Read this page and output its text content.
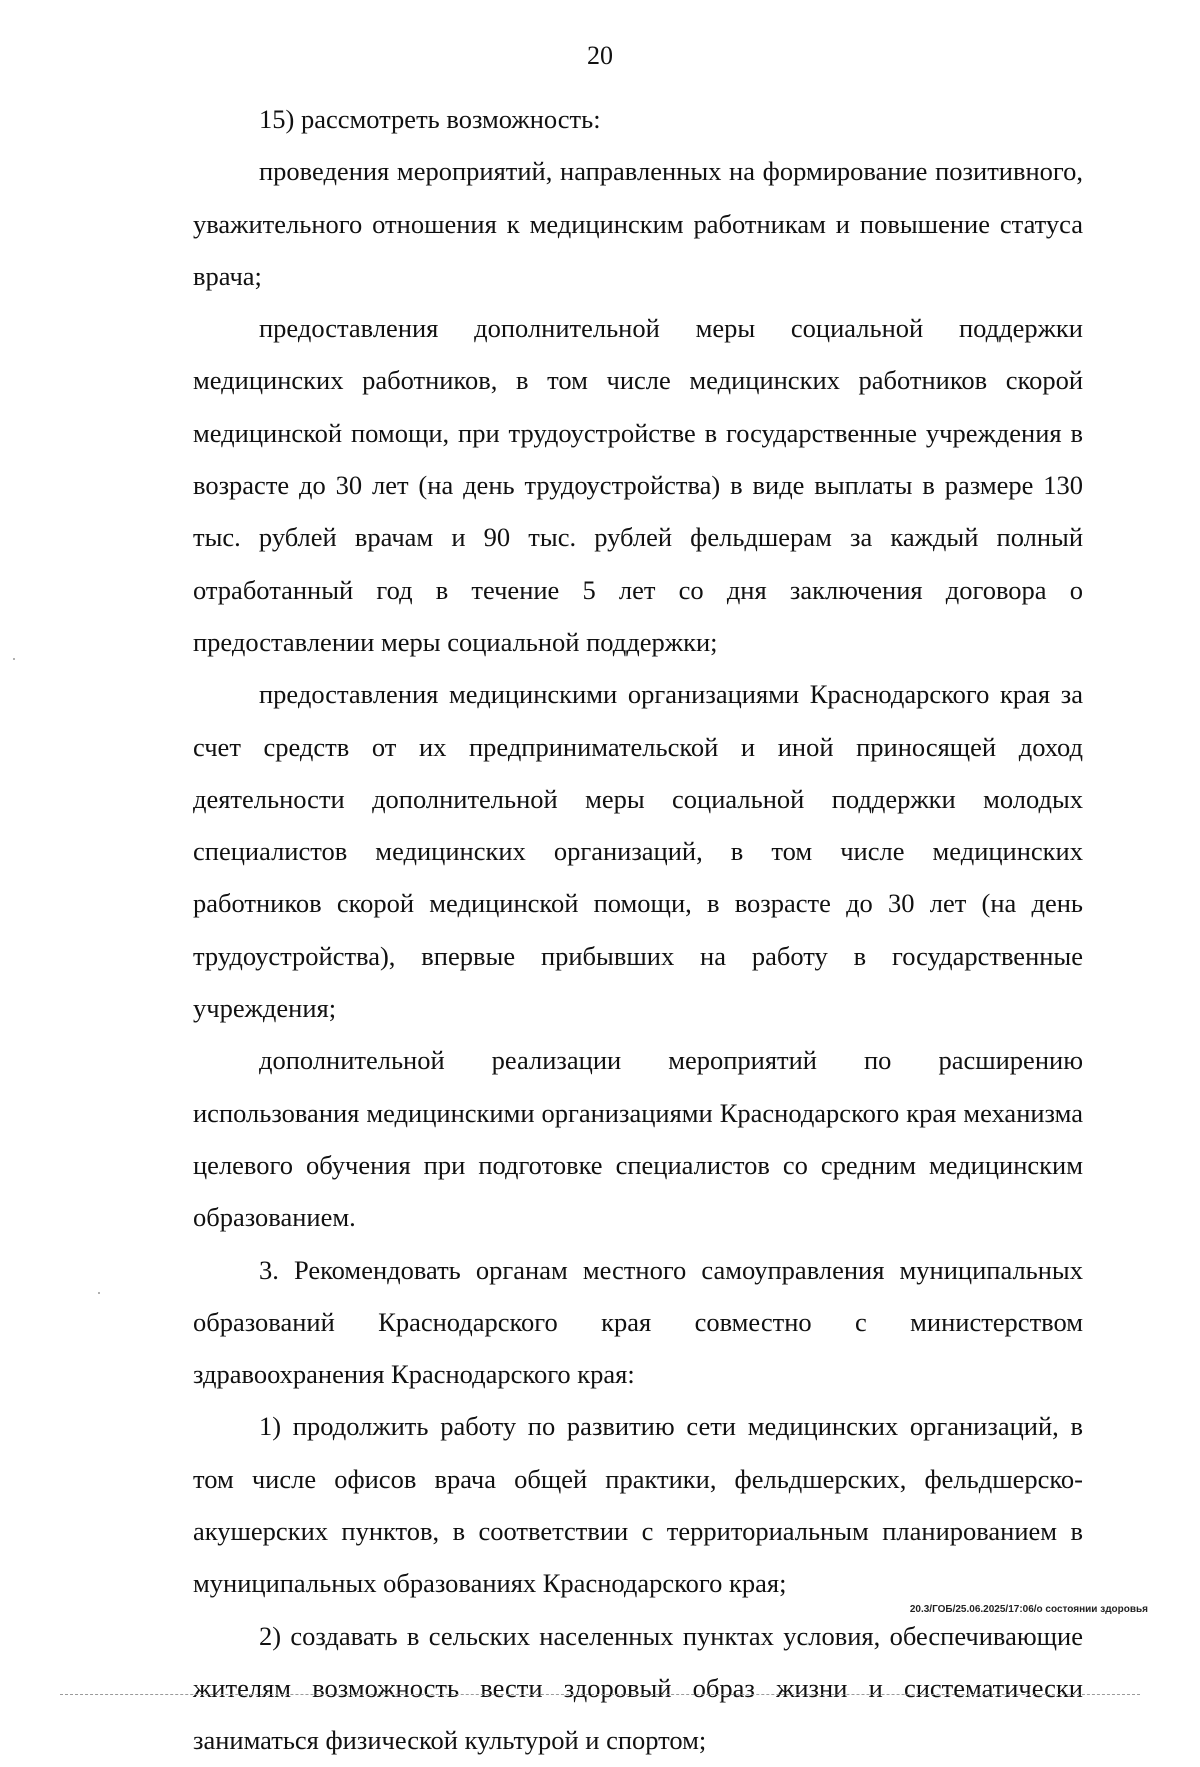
20

15) рассмотреть возможность:

проведения мероприятий, направленных на формирование позитивного, уважительного отношения к медицинским работникам и повышение статуса врача;

предоставления дополнительной меры социальной поддержки медицинских работников, в том числе медицинских работников скорой медицинской помощи, при трудоустройстве в государственные учреждения в возрасте до 30 лет (на день трудоустройства) в виде выплаты в размере 130 тыс. рублей врачам и 90 тыс. рублей фельдшерам за каждый полный отработанный год в течение 5 лет со дня заключения договора о предоставлении меры социальной поддержки;

предоставления медицинскими организациями Краснодарского края за счет средств от их предпринимательской и иной приносящей доход деятельности дополнительной меры социальной поддержки молодых специалистов медицинских организаций, в том числе медицинских работников скорой медицинской помощи, в возрасте до 30 лет (на день трудоустройства), впервые прибывших на работу в государственные учреждения;

дополнительной реализации мероприятий по расширению использования медицинскими организациями Краснодарского края механизма целевого обучения при подготовке специалистов со средним медицинским образованием.

3. Рекомендовать органам местного самоуправления муниципальных образований Краснодарского края совместно с министерством здравоохранения Краснодарского края:

1) продолжить работу по развитию сети медицинских организаций, в том числе офисов врача общей практики, фельдшерских, фельдшерско-акушерских пунктов, в соответствии с территориальным планированием в муниципальных образованиях Краснодарского края;

2) создавать в сельских населенных пунктах условия, обеспечивающие жителям возможность вести здоровый образ жизни и систематически заниматься физической культурой и спортом;

20.3/ГОБ/25.06.2025/17:06/о состоянии здоровья
